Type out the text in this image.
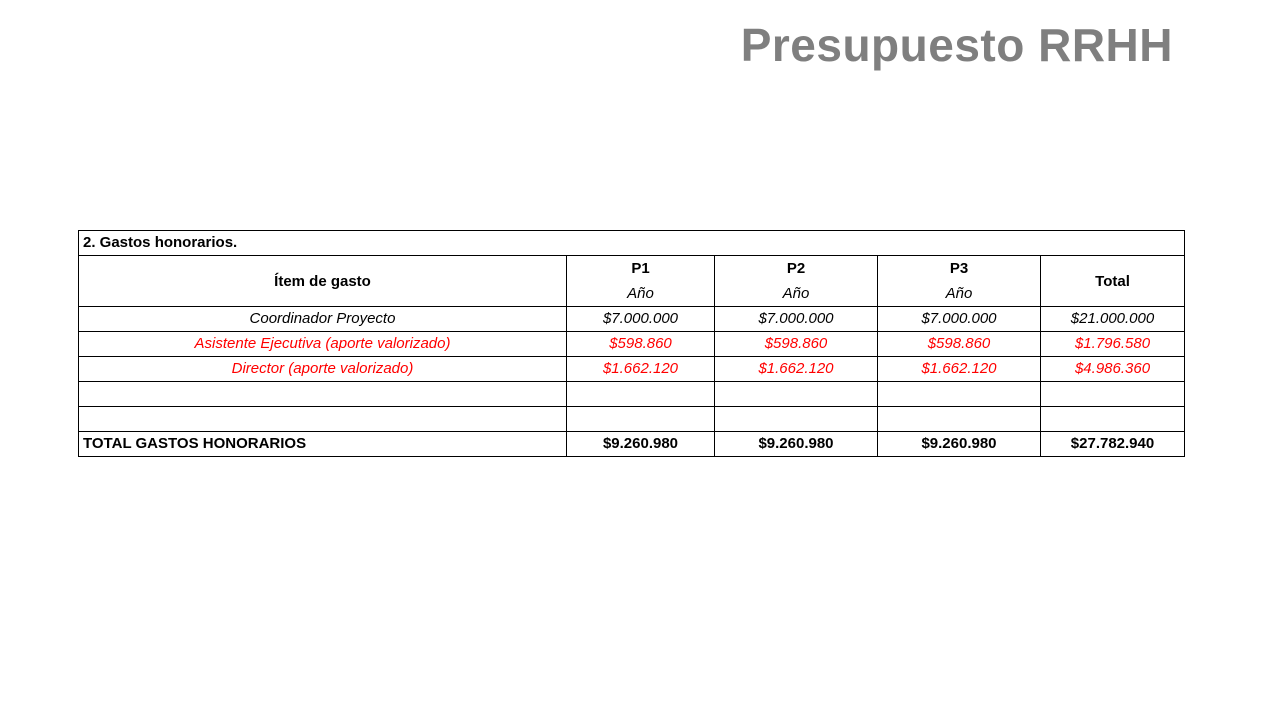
Presupuesto RRHH
2. Gastos honorarios.				
Ítem de gasto	P1	P2	P3	Total
	Año	Año	Año	
Coordinador Proyecto	$7.000.000	$7.000.000	$7.000.000	$21.000.000
Asistente Ejecutiva (aporte valorizado)	$598.860	$598.860	$598.860	$1.796.580
Director (aporte valorizado)	$1.662.120	$1.662.120	$1.662.120	$4.986.360

TOTAL GASTOS HONORARIOS	$9.260.980	$9.260.980	$9.260.980	$27.782.940
